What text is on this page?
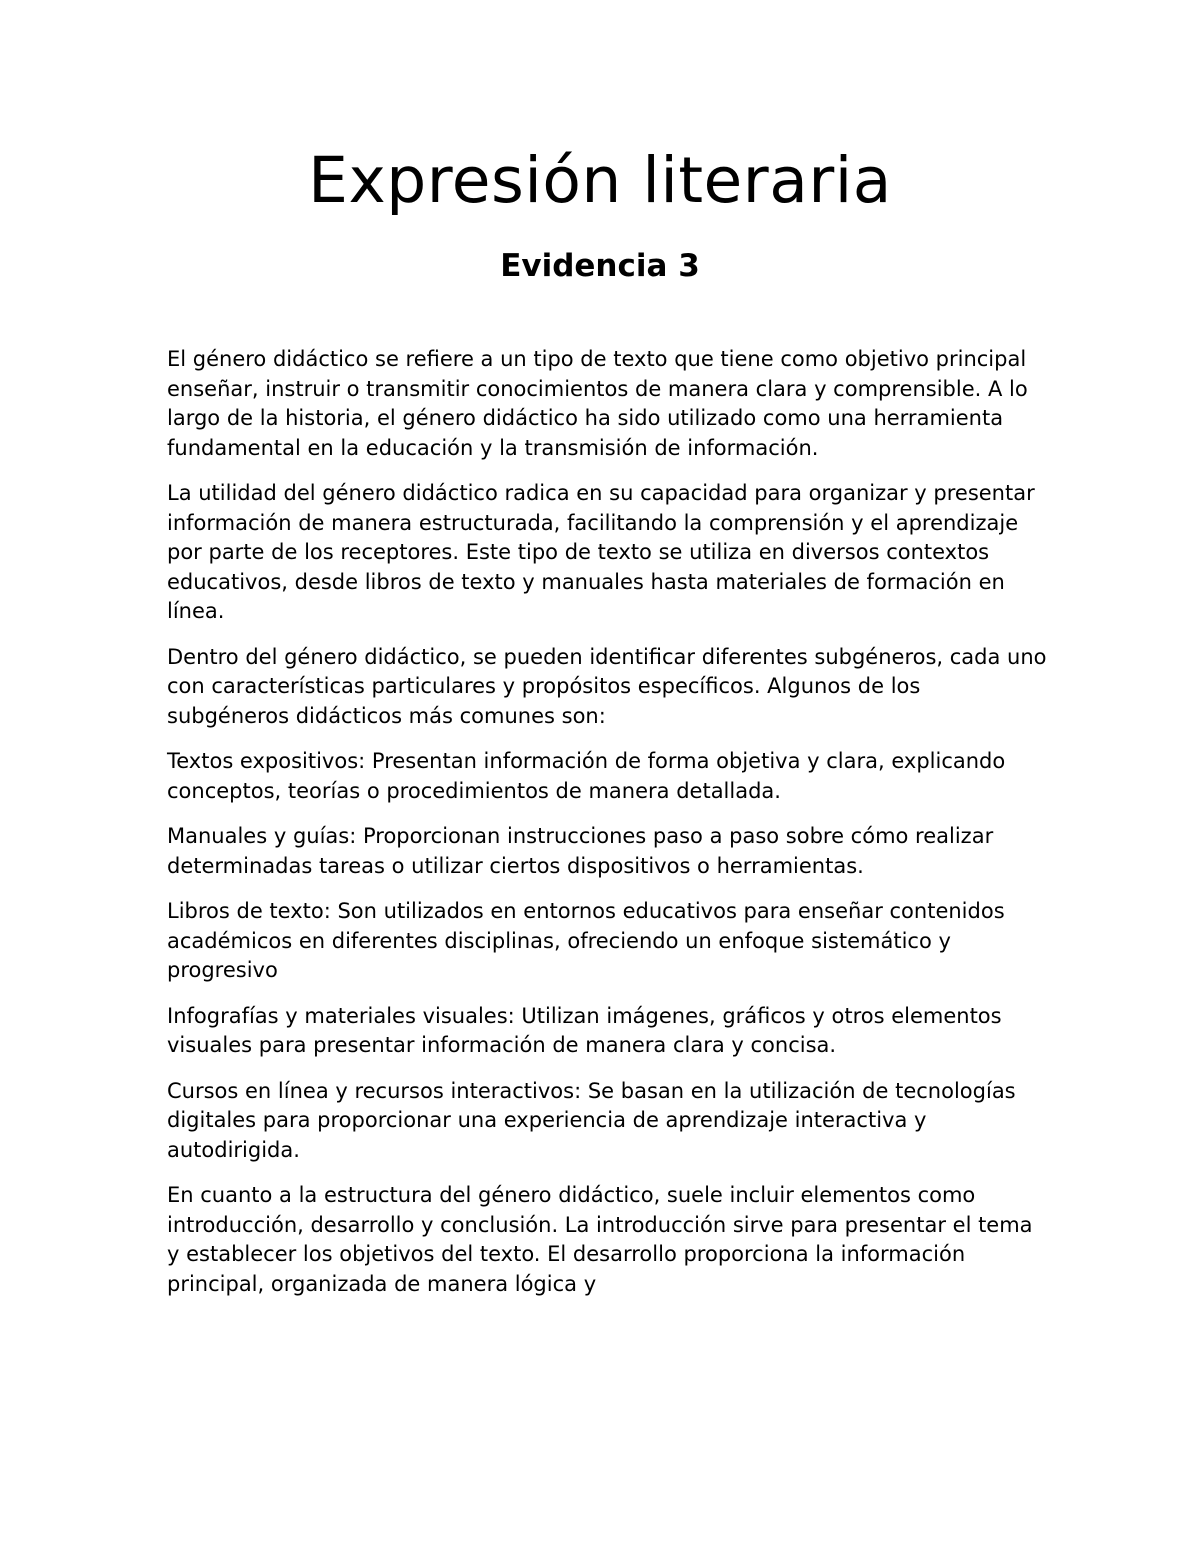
Expresión literaria
Evidencia 3

El género didáctico se refiere a un tipo de texto que tiene como objetivo principal enseñar, instruir o transmitir conocimientos de manera clara y comprensible. A lo largo de la historia, el género didáctico ha sido utilizado como una herramienta fundamental en la educación y la transmisión de información.

La utilidad del género didáctico radica en su capacidad para organizar y presentar información de manera estructurada, facilitando la comprensión y el aprendizaje por parte de los receptores. Este tipo de texto se utiliza en diversos contextos educativos, desde libros de texto y manuales hasta materiales de formación en línea.

Dentro del género didáctico, se pueden identificar diferentes subgéneros, cada uno con características particulares y propósitos específicos. Algunos de los subgéneros didácticos más comunes son:

Textos expositivos: Presentan información de forma objetiva y clara, explicando conceptos, teorías o procedimientos de manera detallada.

Manuales y guías: Proporcionan instrucciones paso a paso sobre cómo realizar determinadas tareas o utilizar ciertos dispositivos o herramientas.

Libros de texto: Son utilizados en entornos educativos para enseñar contenidos académicos en diferentes disciplinas, ofreciendo un enfoque sistemático y progresivo

Infografías y materiales visuales: Utilizan imágenes, gráficos y otros elementos visuales para presentar información de manera clara y concisa.

Cursos en línea y recursos interactivos: Se basan en la utilización de tecnologías digitales para proporcionar una experiencia de aprendizaje interactiva y autodirigida.

En cuanto a la estructura del género didáctico, suele incluir elementos como introducción, desarrollo y conclusión. La introducción sirve para presentar el tema y establecer los objetivos del texto. El desarrollo proporciona la información principal, organizada de manera lógica y
